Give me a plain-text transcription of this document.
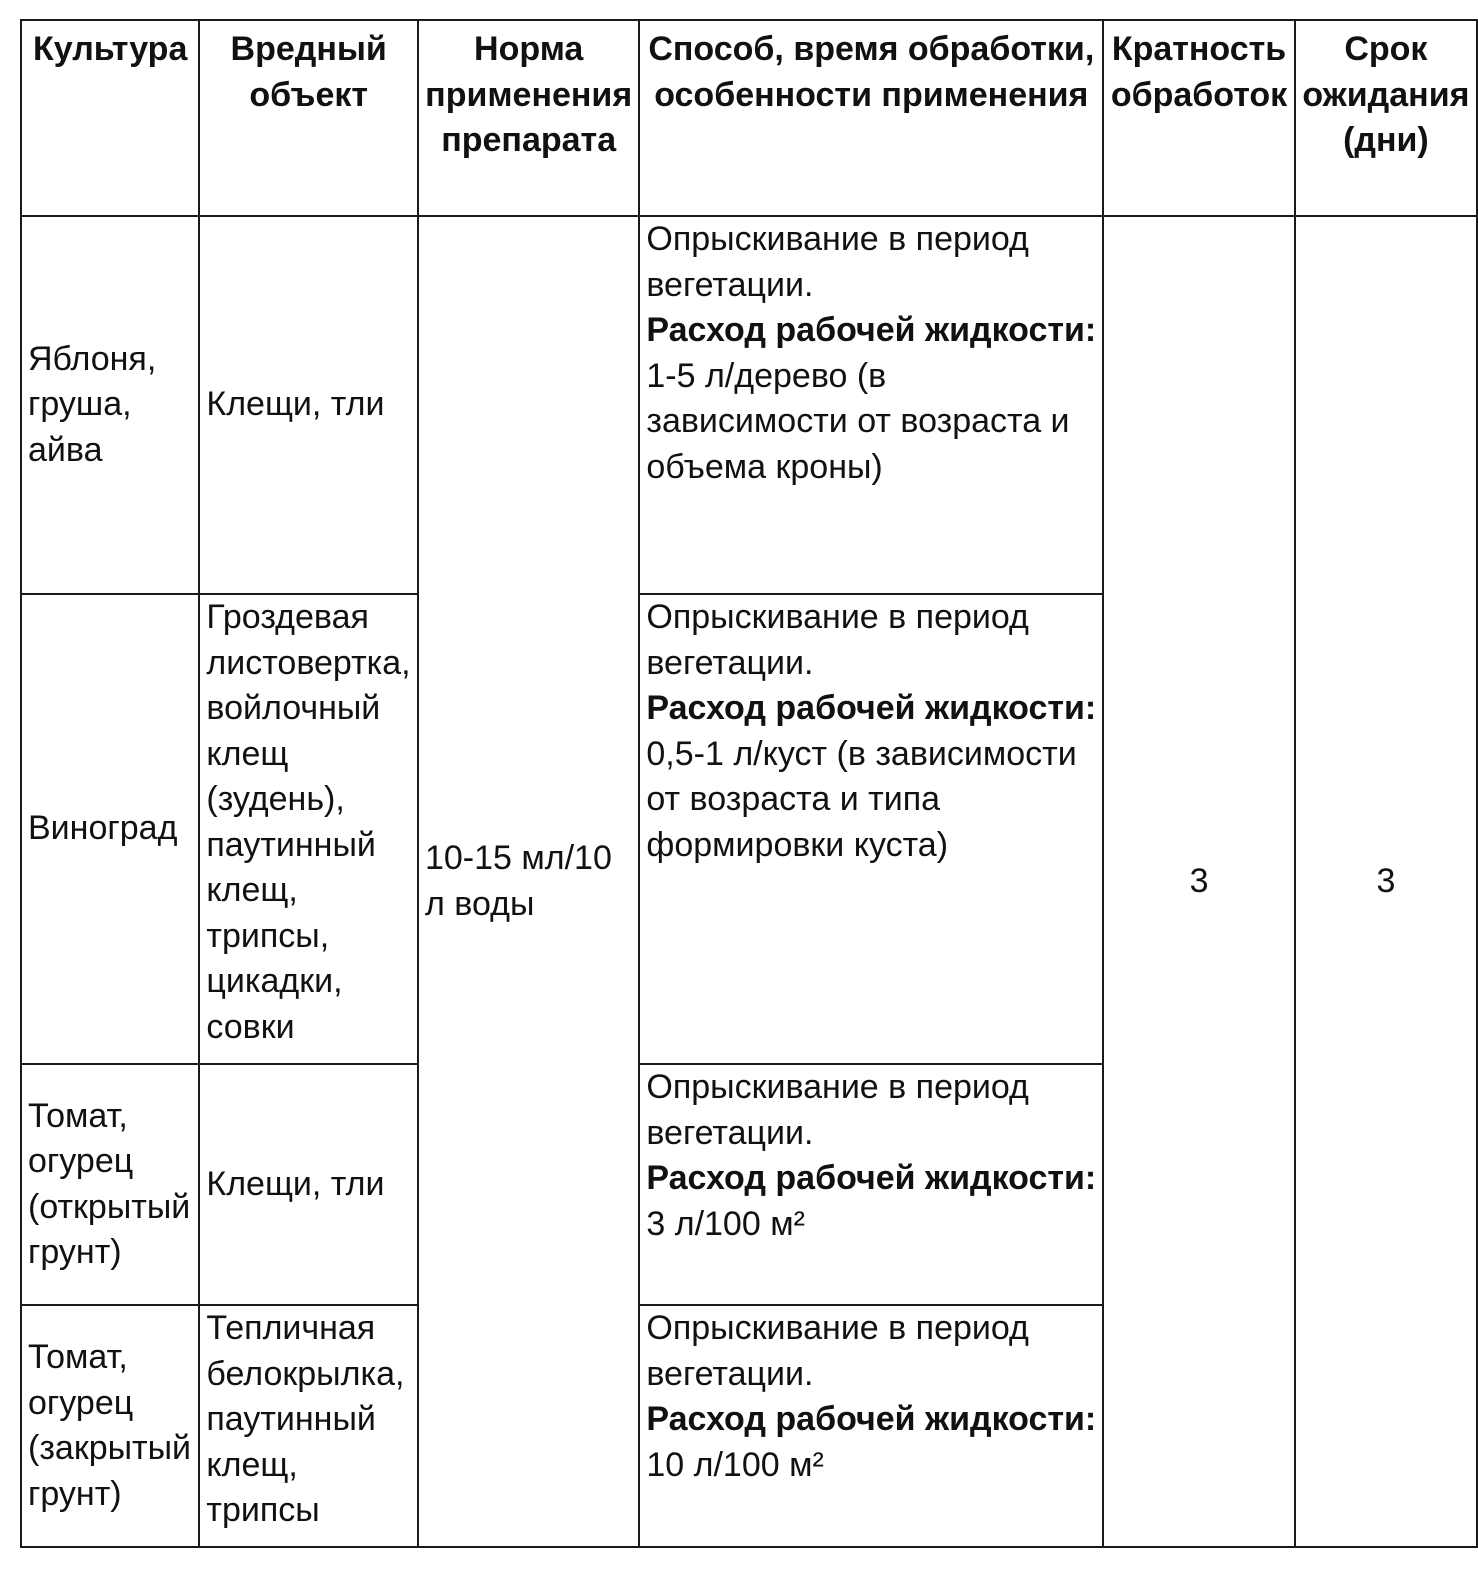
Культура	Вредный объект	Норма применения препарата	Способ, время обработки, особенности применения	Кратность обработок	Срок ожидания (дни)
Яблоня, груша, айва	Клещи, тли	10-15 мл/10 л воды	Опрыскивание в период вегетации.
Расход рабочей жидкости:
1-5 л/дерево (в зависимости от возраста и объема кроны)	3	3
Виноград	Гроздевая листовертка, войлочный клещ (зудень), паутинный клещ, трипсы, цикадки, совки		Опрыскивание в период вегетации.
Расход рабочей жидкости:
0,5-1 л/куст (в зависимости от возраста и типа формировки куста)		
Томат, огурец (открытый грунт)	Клещи, тли		Опрыскивание в период вегетации.
Расход рабочей жидкости:
3 л/100 м²		
Томат, огурец (закрытый грунт)	Тепличная белокрылка, паутинный клещ, трипсы		Опрыскивание в период вегетации.
Расход рабочей жидкости:
10 л/100 м²		
